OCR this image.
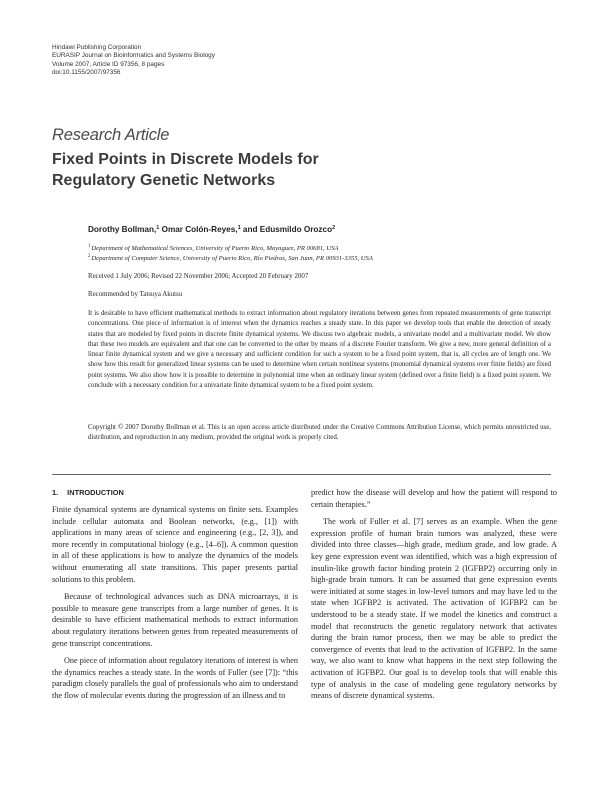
Hindawi Publishing Corporation
EURASIP Journal on Bioinformatics and Systems Biology
Volume 2007, Article ID 97356, 8 pages
doi:10.1155/2007/97356
Research Article
Fixed Points in Discrete Models for
Regulatory Genetic Networks
Dorothy Bollman,$^1$ Omar Colón-Reyes,$^1$ and Edusmildo Orozco$^2$
$^1$Department of Mathematical Sciences, University of Puerto Rico, Mayaguez, PR 00681, USA
$^2$Department of Computer Science, University of Puerto Rico, Río Piedras, San Juan, PR 00931-3355, USA
Received 1 July 2006; Revised 22 November 2006; Accepted 20 February 2007
Recommended by Tatsuya Akutsu
It is desirable to have efficient mathematical methods to extract information about regulatory iterations between genes from repeated measurements of gene transcript concentrations. One piece of information is of interest when the dynamics reaches a steady state. In this paper we develop tools that enable the detection of steady states that are modeled by fixed points in discrete finite dynamical systems. We discuss two algebraic models, a univariate model and a multivariate model. We show that these two models are equivalent and that one can be converted to the other by means of a discrete Fourier transform. We give a new, more general definition of a linear finite dynamical system and we give a necessary and sufficient condition for such a system to be a fixed point system, that is, all cycles are of length one. We show how this result for generalized linear systems can be used to determine when certain nonlinear systems (monomial dynamical systems over finite fields) are fixed point systems. We also show how it is possible to determine in polynomial time when an ordinary linear system (defined over a finite field) is a fixed point system. We conclude with a necessary condition for a univariate finite dynamical system to be a fixed point system.
Copyright © 2007 Dorothy Bollman et al. This is an open access article distributed under the Creative Commons Attribution License, which permits unrestricted use, distribution, and reproduction in any medium, provided the original work is properly cited.
1. INTRODUCTION

Finite dynamical systems are dynamical systems on finite sets. Examples include cellular automata and Boolean networks, (e.g., [1]) with applications in many areas of science and engineering (e.g., [2, 3]), and more recently in computational biology (e.g., [4–6]). A common question in all of these applications is how to analyze the dynamics of the models without enumerating all state transitions. This paper presents partial solutions to this problem.

Because of technological advances such as DNA microarrays, it is possible to measure gene transcripts from a large number of genes. It is desirable to have efficient mathematical methods to extract information about regulatory iterations between genes from repeated measurements of gene transcript concentrations.

One piece of information about regulatory iterations of interest is when the dynamics reaches a steady state. In the words of Fuller (see [7]): “this paradigm closely parallels the goal of professionals who aim to understand the flow of molecular events during the progression of an illness and to

predict how the disease will develop and how the patient will respond to certain therapies.”

The work of Fuller et al. [7] serves as an example. When the gene expression profile of human brain tumors was analyzed, these were divided into three classes—high grade, medium grade, and low grade. A key gene expression event was identified, which was a high expression of insulin-like growth factor binding protein 2 (IGFBP2) occurring only in high-grade brain tumors. It can be assumed that gene expression events were initiated at some stages in low-level tumors and may have led to the state when IGFBP2 is activated. The activation of IGFBP2 can be understood to be a steady state. If we model the kinetics and construct a model that reconstructs the genetic regulatory network that activates during the brain tumor process, then we may be able to predict the convergence of events that lead to the activation of IGFBP2. In the same way, we also want to know what happens in the next step following the activation of IGFBP2. Our goal is to develop tools that will enable this type of analysis in the case of modeling gene regulatory networks by means of discrete dynamical systems.
